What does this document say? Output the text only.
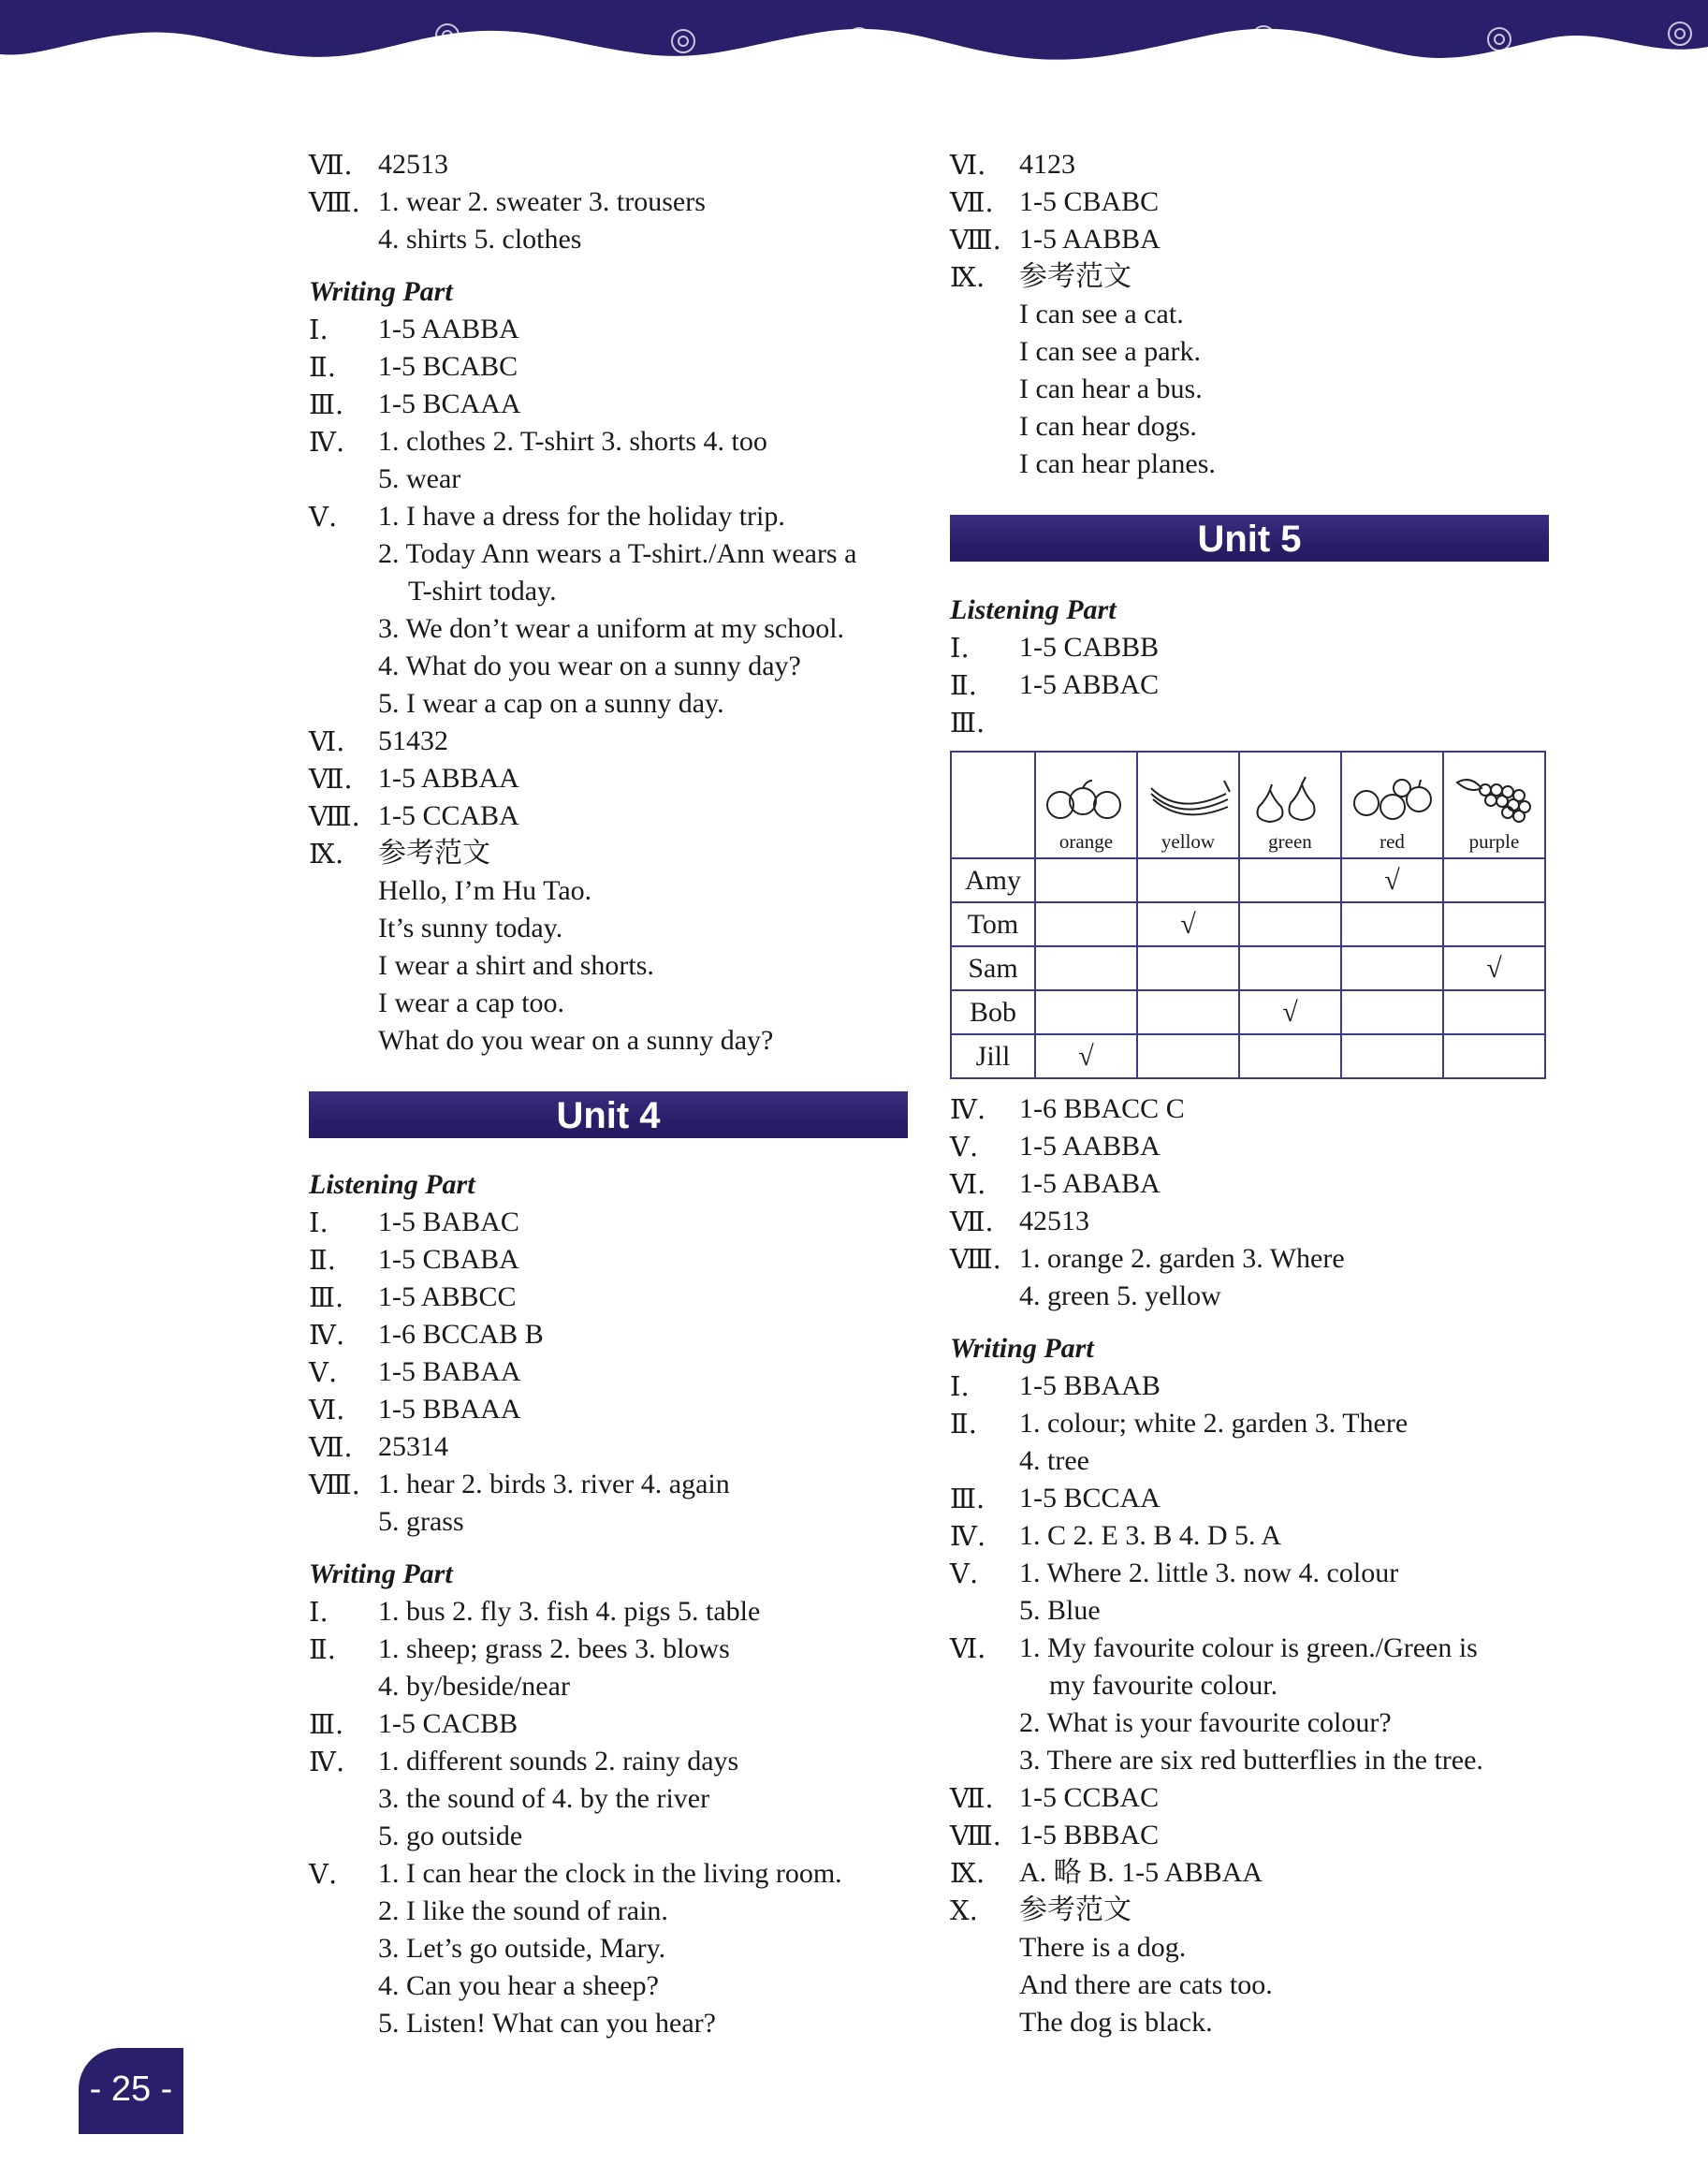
Ⅶ. 42513
Ⅷ. 1. wear 2. sweater 3. trousers
4. shirts 5. clothes
Writing Part
Ⅰ. 1-5 AABBA
Ⅱ. 1-5 BCABC
Ⅲ. 1-5 BCAAA
Ⅳ. 1. clothes 2. T-shirt 3. shorts 4. too
5. wear
Ⅴ. 1. I have a dress for the holiday trip.
2. Today Ann wears a T-shirt./Ann wears a
T-shirt today.
3. We don’t wear a uniform at my school.
4. What do you wear on a sunny day?
5. I wear a cap on a sunny day.
Ⅵ. 51432
Ⅶ. 1-5 ABBAA
Ⅷ. 1-5 CCABA
Ⅸ. 参考范文
Hello, I’m Hu Tao.
It’s sunny today.
I wear a shirt and shorts.
I wear a cap too.
What do you wear on a sunny day?
Unit 4
Listening Part
Ⅰ. 1-5 BABAC
Ⅱ. 1-5 CBABA
Ⅲ. 1-5 ABBCC
Ⅳ. 1-6 BCCAB B
Ⅴ. 1-5 BABAA
Ⅵ. 1-5 BBAAA
Ⅶ. 25314
Ⅷ. 1. hear 2. birds 3. river 4. again
5. grass
Writing Part
Ⅰ. 1. bus 2. fly 3. fish 4. pigs 5. table
Ⅱ. 1. sheep; grass 2. bees 3. blows
4. by/beside/near
Ⅲ. 1-5 CACBB
Ⅳ. 1. different sounds 2. rainy days
3. the sound of 4. by the river
5. go outside
Ⅴ. 1. I can hear the clock in the living room.
2. I like the sound of rain.
3. Let’s go outside, Mary.
4. Can you hear a sheep?
5. Listen! What can you hear?
Ⅵ. 4123
Ⅶ. 1-5 CBABC
Ⅷ. 1-5 AABBA
Ⅸ. 参考范文
I can see a cat.
I can see a park.
I can hear a bus.
I can hear dogs.
I can hear planes.
Unit 5
Listening Part
Ⅰ. 1-5 CABBB
Ⅱ. 1-5 ABBAC
Ⅲ.

	orange	yellow	green	red	purple

Amy				√	
Tom		√			
Sam					√
Bob			√		
Jill	√				
Ⅳ. 1-6 BBACC C
Ⅴ. 1-5 AABBA
Ⅵ. 1-5 ABABA
Ⅶ. 42513
Ⅷ. 1. orange 2. garden 3. Where
4. green 5. yellow
Writing Part
Ⅰ. 1-5 BBAAB
Ⅱ. 1. colour; white 2. garden 3. There
4. tree
Ⅲ. 1-5 BCCAA
Ⅳ. 1. C 2. E 3. B 4. D 5. A
Ⅴ. 1. Where 2. little 3. now 4. colour
5. Blue
Ⅵ. 1. My favourite colour is green./Green is
my favourite colour.
2. What is your favourite colour?
3. There are six red butterflies in the tree.
Ⅶ. 1-5 CCBAC
Ⅷ. 1-5 BBBAC
Ⅸ. A. 略 B. 1-5 ABBAA
Ⅹ. 参考范文
There is a dog.
And there are cats too.
The dog is black.
- 25 -
